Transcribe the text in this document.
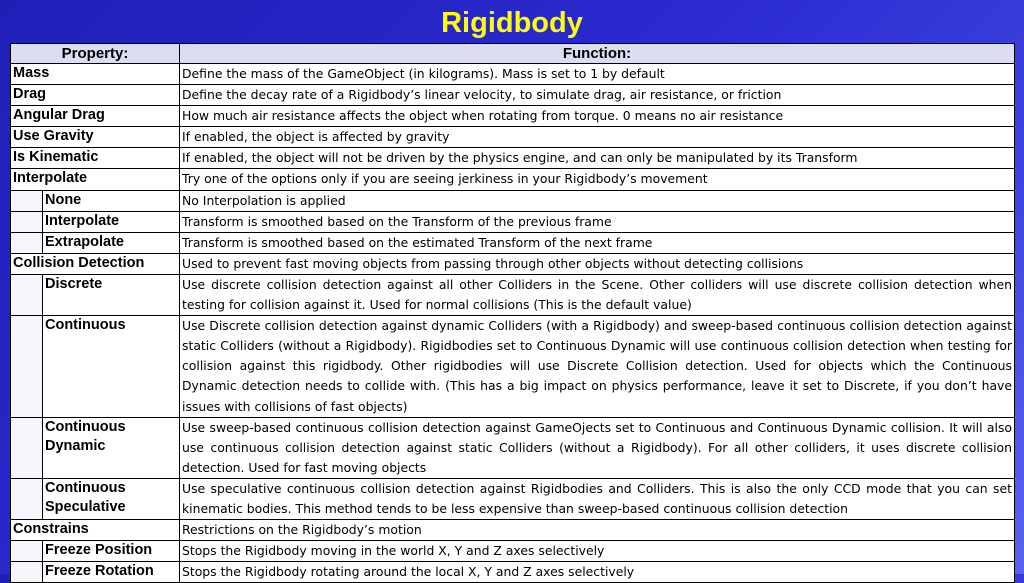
Rigidbody
Property:		Function:
Mass		Define the mass of the GameObject (in kilograms). Mass is set to 1 by default
Drag		Define the decay rate of a Rigidbody’s linear velocity, to simulate drag, air resistance, or friction
Angular Drag		How much air resistance affects the object when rotating from torque. 0 means no air resistance
Use Gravity		If enabled, the object is affected by gravity
Is Kinematic		If enabled, the object will not be driven by the physics engine, and can only be manipulated by its Transform
Interpolate		Try one of the options only if you are seeing jerkiness in your Rigidbody’s movement
	None	No Interpolation is applied
	Interpolate	Transform is smoothed based on the Transform of the previous frame
	Extrapolate	Transform is smoothed based on the estimated Transform of the next frame
Collision Detection		Used to prevent fast moving objects from passing through other objects without detecting collisions
	Discrete	Use discrete collision detection against all other Colliders in the Scene. Other colliders will use discrete collision detection when testing for collision against it. Used for normal collisions (This is the default value)
	Continuous	Use Discrete collision detection against dynamic Colliders (with a Rigidbody) and sweep-based continuous collision detection against static Colliders (without a Rigidbody). Rigidbodies set to Continuous Dynamic will use continuous collision detection when testing for collision against this rigidbody. Other rigidbodies will use Discrete Collision detection. Used for objects which the Continuous Dynamic detection needs to collide with. (This has a big impact on physics performance, leave it set to Discrete, if you don’t have issues with collisions of fast objects)
	Continuous Dynamic	Use sweep-based continuous collision detection against GameOjects set to Continuous and Continuous Dynamic collision. It will also use continuous collision detection against static Colliders (without a Rigidbody). For all other colliders, it uses discrete collision detection. Used for fast moving objects
	Continuous Speculative	Use speculative continuous collision detection against Rigidbodies and Colliders. This is also the only CCD mode that you can set kinematic bodies. This method tends to be less expensive than sweep-based continuous collision detection
Constrains		Restrictions on the Rigidbody’s motion
	Freeze Position	Stops the Rigidbody moving in the world X, Y and Z axes selectively
	Freeze Rotation	Stops the Rigidbody rotating around the local X, Y and Z axes selectively
